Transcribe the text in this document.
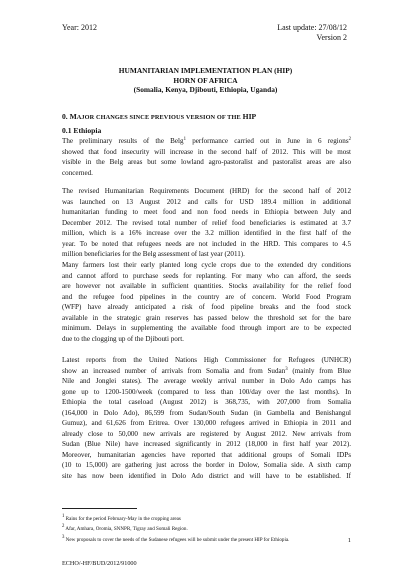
Year: 2012	Last update: 27/08/12
Version 2
HUMANITARIAN IMPLEMENTATION PLAN (HIP)
HORN OF AFRICA
(Somalia, Kenya, Djibouti, Ethiopia, Uganda)
0. MAJOR CHANGES SINCE PREVIOUS VERSION OF THE HIP
0.1 Ethiopia
The preliminary results of the Belg$^1$ performance carried out in June in 6 regions$^2$
showed that food insecurity will increase in the second half of 2012. This will be most
visible in the Belg areas but some lowland agro-pastoralist and pastoralist areas are also
concerned.
The revised Humanitarian Requirements Document (HRD) for the second half of 2012
was launched on 13 August 2012 and calls for USD 189.4 million in additional
humanitarian funding to meet food and non food needs in Ethiopia between July and
December 2012. The revised total number of relief food beneficiaries is estimated at 3.7
million, which is a 16% increase over the 3.2 million identified in the first half of the
year. To be noted that refugees needs are not included in the HRD. This compares to 4.5
million beneficiaries for the Belg assessment of last year (2011).
Many farmers lost their early planted long cycle crops due to the extended dry conditions
and cannot afford to purchase seeds for replanting. For many who can afford, the seeds
are however not available in sufficient quantities. Stocks availability for the relief food
and the refugee food pipelines in the country are of concern. World Food Program
(WFP) have already anticipated a risk of food pipeline breaks and the food stock
available in the strategic grain reserves has passed below the threshold set for the bare
minimum. Delays in supplementing the available food through import are to be expected
due to the clogging up of the Djibouti port.
Latest reports from the United Nations High Commissioner for Refugees (UNHCR)
show an increased number of arrivals from Somalia and from Sudan$^3$ (mainly from Blue
Nile and Jonglei states). The average weekly arrival number in Dolo Ado camps has
gone up to 1200-1500/week (compared to less than 100/day over the last months). In
Ethiopia the total caseload (August 2012) is 368,735, with 207,000 from Somalia
(164,000 in Dolo Ado), 86,599 from Sudan/South Sudan (in Gambella and Benishangul
Gumuz), and 61,626 from Eritrea. Over 130,000 refugees arrived in Ethiopia in 2011 and
already close to 50,000 new arrivals are registered by August 2012. New arrivals from
Sudan (Blue Nile) have increased significantly in 2012 (18,000 in first half year 2012).
Moreover, humanitarian agencies have reported that additional groups of Somali IDPs
(10 to 15,000) are gathering just across the border in Dolow, Somalia side. A sixth camp
site has now been identified in Dolo Ado district and will have to be established. If
$^1$ Rains for the period February-May in the cropping areas
$^2$ Afar, Amhara, Oromia, SNNPR, Tigray and Somali Region.
$^3$ New proposals to cover the needs of the Sudanese refugees will be submit under the present HIP for Ethiopia.	1
ECHO/-HF/BUD/2012/91000
